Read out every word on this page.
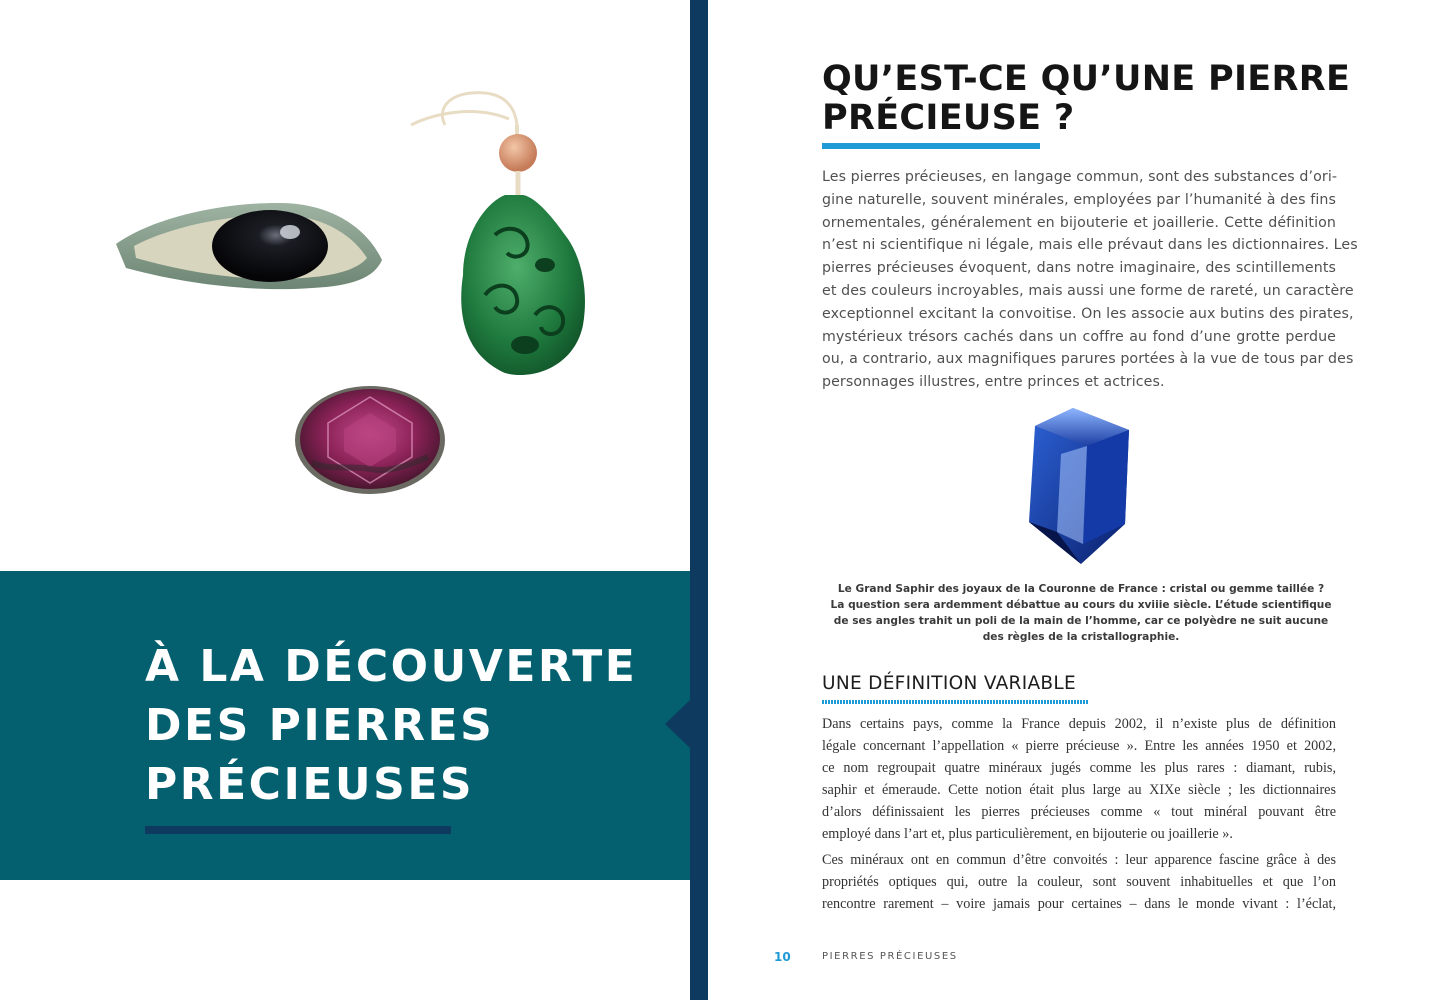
À LA DÉCOUVERTE
DES PIERRES
PRÉCIEUSES
QU’EST-CE QU’UNE PIERRE
PRÉCIEUSE ?

Les pierres précieuses, en langage commun, sont des substances d’ori-
gine naturelle, souvent minérales, employées par l’humanité à des fins
ornementales, généralement en bijouterie et joaillerie. Cette définition
n’est ni scientifique ni légale, mais elle prévaut dans les dictionnaires. Les
pierres précieuses évoquent, dans notre imaginaire, des scintillements
et des couleurs incroyables, mais aussi une forme de rareté, un caractère
exceptionnel excitant la convoitise. On les associe aux butins des pirates,
mystérieux trésors cachés dans un coffre au fond d’une grotte perdue
ou, a contrario, aux magnifiques parures portées à la vue de tous par des
personnages illustres, entre princes et actrices.

Le Grand Saphir des joyaux de la Couronne de France : cristal ou gemme taillée ?
La question sera ardemment débattue au cours du xviiie siècle. L’étude scientifique
de ses angles trahit un poli de la main de l’homme, car ce polyèdre ne suit aucune
des règles de la cristallographie.

UNE DÉFINITION VARIABLE

Dans certains pays, comme la France depuis 2002, il n’existe plus de définition
légale concernant l’appellation « pierre précieuse ». Entre les années 1950 et 2002,
ce nom regroupait quatre minéraux jugés comme les plus rares : diamant, rubis,
saphir et émeraude. Cette notion était plus large au XIXe siècle ; les dictionnaires
d’alors définissaient les pierres précieuses comme « tout minéral pouvant être
employé dans l’art et, plus particulièrement, en bijouterie ou joaillerie ».

Ces minéraux ont en commun d’être convoités : leur apparence fascine grâce à des
propriétés optiques qui, outre la couleur, sont souvent inhabituelles et que l’on
rencontre rarement – voire jamais pour certaines – dans le monde vivant : l’éclat,

10	PIERRES PRÉCIEUSES
